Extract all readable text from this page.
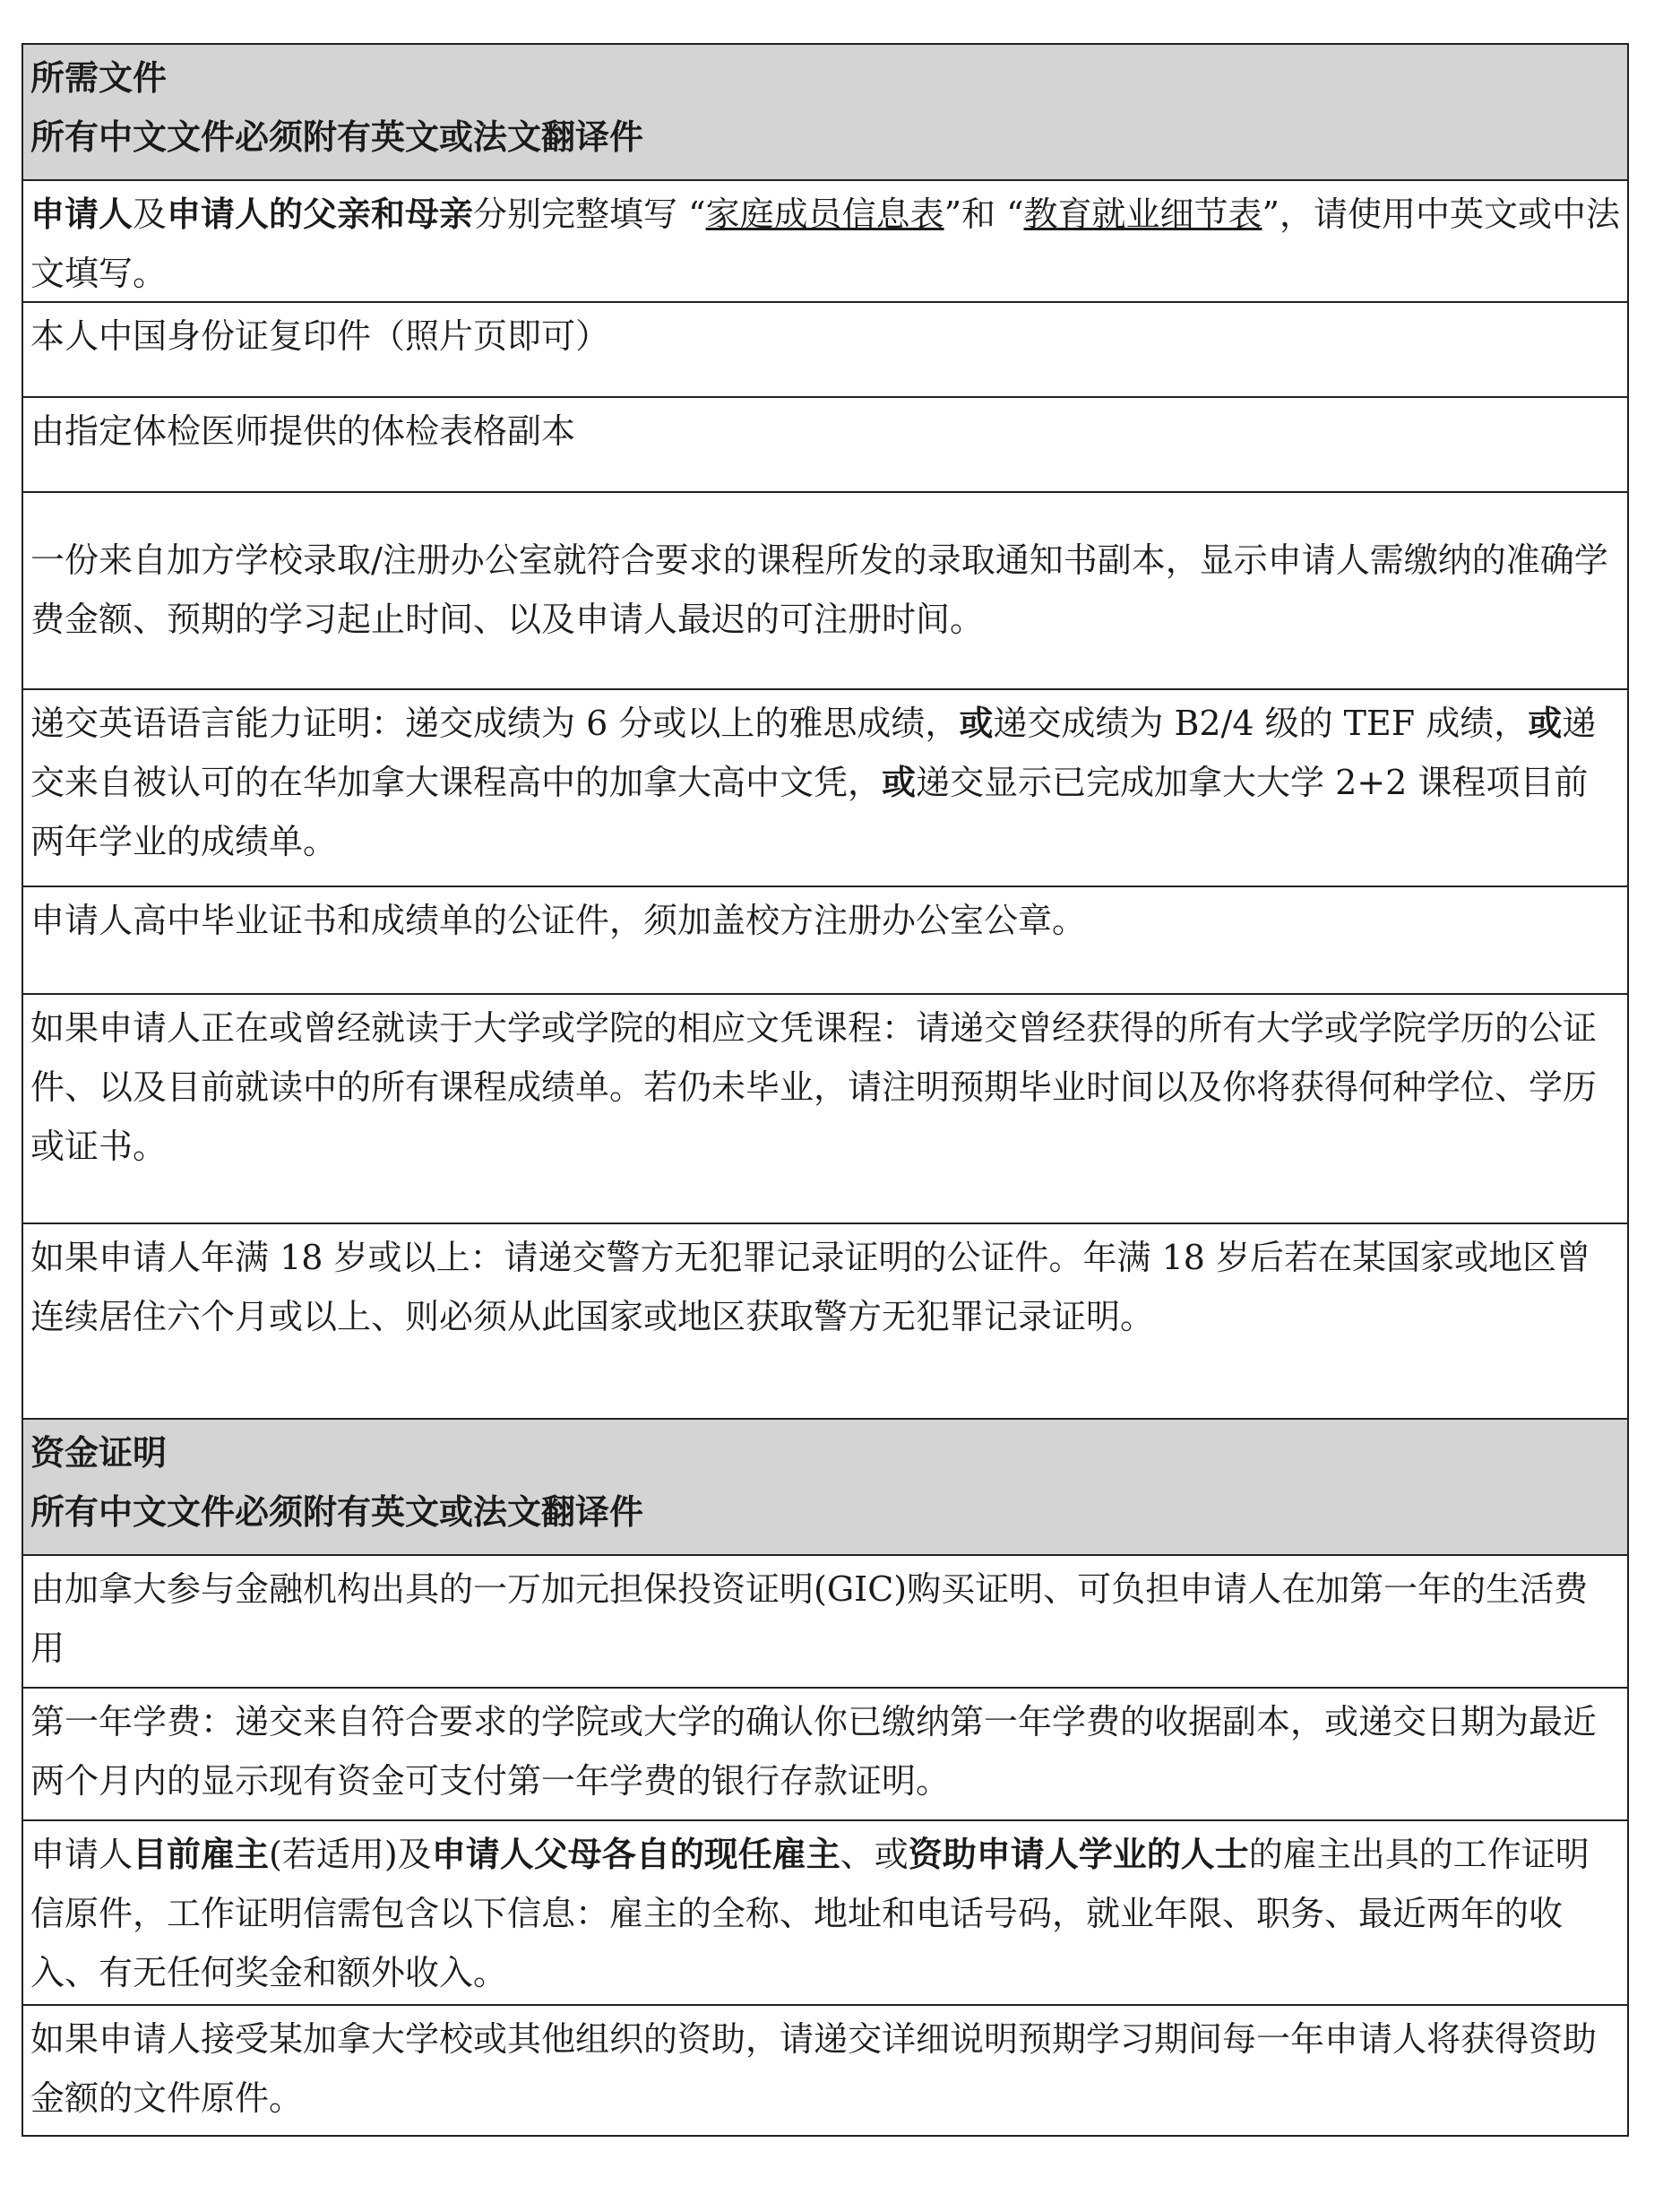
所需文件
所有中文文件必须附有英文或法文翻译件
申请人及申请人的父亲和母亲分别完整填写 “家庭成员信息表”和 “教育就业细节表”，请使用中英文或中法文填写。
本人中国身份证复印件（照片页即可）
由指定体检医师提供的体检表格副本
一份来自加方学校录取/注册办公室就符合要求的课程所发的录取通知书副本，显示申请人需缴纳的准确学费金额、预期的学习起止时间、以及申请人最迟的可注册时间。
递交英语语言能力证明：递交成绩为 6 分或以上的雅思成绩，或递交成绩为 B2/4 级的 TEF 成绩，或递交来自被认可的在华加拿大课程高中的加拿大高中文凭，或递交显示已完成加拿大大学 2+2 课程项目前两年学业的成绩单。
申请人高中毕业证书和成绩单的公证件，须加盖校方注册办公室公章。
如果申请人正在或曾经就读于大学或学院的相应文凭课程：请递交曾经获得的所有大学或学院学历的公证件、以及目前就读中的所有课程成绩单。若仍未毕业，请注明预期毕业时间以及你将获得何种学位、学历或证书。
如果申请人年满 18 岁或以上：请递交警方无犯罪记录证明的公证件。年满 18 岁后若在某国家或地区曾连续居住六个月或以上、则必须从此国家或地区获取警方无犯罪记录证明。
资金证明
所有中文文件必须附有英文或法文翻译件
由加拿大参与金融机构出具的一万加元担保投资证明(GIC)购买证明、可负担申请人在加第一年的生活费用
第一年学费：递交来自符合要求的学院或大学的确认你已缴纳第一年学费的收据副本，或递交日期为最近两个月内的显示现有资金可支付第一年学费的银行存款证明。
申请人目前雇主(若适用)及申请人父母各自的现任雇主、或资助申请人学业的人士的雇主出具的工作证明信原件，工作证明信需包含以下信息：雇主的全称、地址和电话号码，就业年限、职务、最近两年的收入、有无任何奖金和额外收入。
如果申请人接受某加拿大学校或其他组织的资助，请递交详细说明预期学习期间每一年申请人将获得资助金额的文件原件。
